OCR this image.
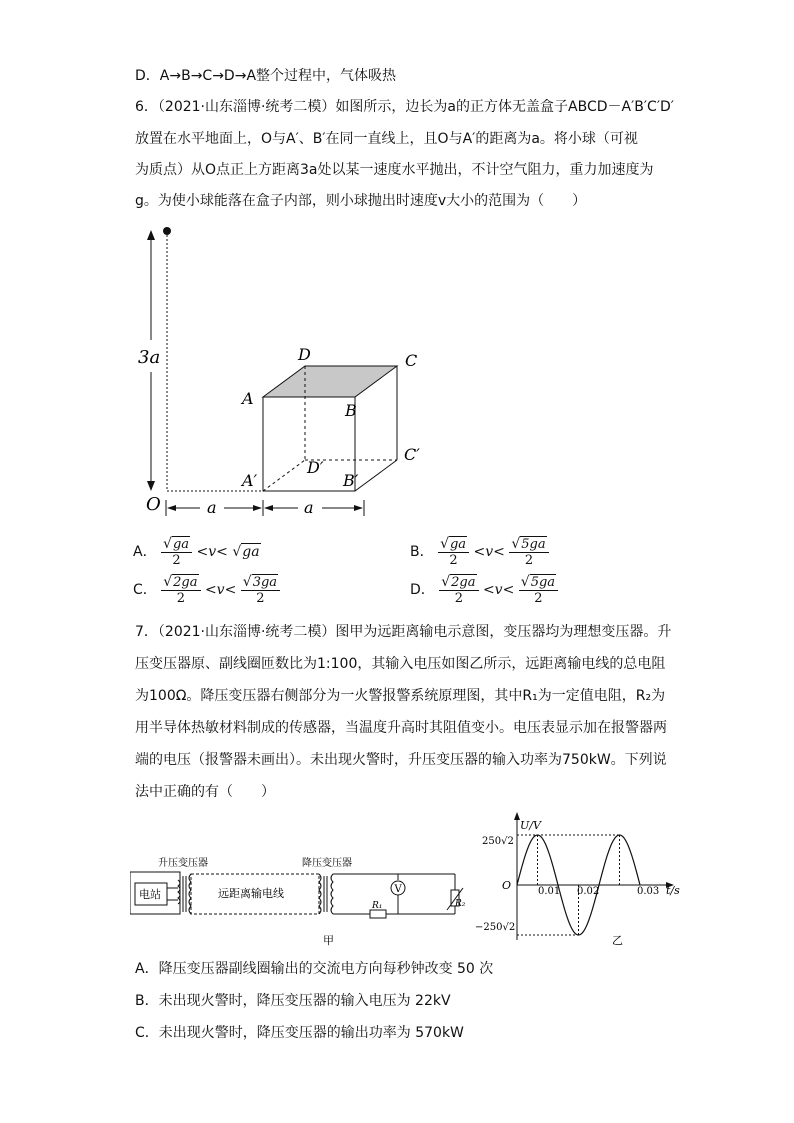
D．A→B→C→D→A整个过程中，气体吸热
6．（2021·山东淄博·统考二模）如图所示，边长为a的正方体无盖盒子ABCD－A′B′C′D′
放置在水平地面上，O与A′、B′在同一直线上，且O与A′的距离为a。将小球（可视
为质点）从O点正上方距离3a处以某一速度水平抛出，不计空气阻力，重力加速度为
g。为使小球能落在盒子内部，则小球抛出时速度v大小的范围为（　　）
3a	D	C
A
B
C′
D′
A′	B′
O	a	a
A． $\frac{√ga}{2} <v< √ga$	B． $\frac{√ga}{2} <v< \frac{√5ga}{2}$
C． $\frac{√2ga}{2} <v< \frac{√3ga}{2}$	D． $\frac{√2ga}{2} <v< \frac{√5ga}{2}$
7．（2021·山东淄博·统考二模）图甲为远距离输电示意图，变压器均为理想变压器。升
压变压器原、副线圈匝数比为1:100，其输入电压如图乙所示，远距离输电线的总电阻
为100Ω。降压变压器右侧部分为一火警报警系统原理图，其中R₁为一定值电阻，R₂为
用半导体热敏材料制成的传感器，当温度升高时其阻值变小。电压表显示加在报警器两
端的电压（报警器未画出）。未出现火警时，升压变压器的输入功率为750kW。下列说
法中正确的有（　　）
升压变压器	降压变压器
电站	远距离输电线
R₁
V
R₂
甲
U/V
t/s
O
250√2
−250√2
0.01 0.02	0.03
乙
A．降压变压器副线圈输出的交流电方向每秒钟改变 50 次
B．未出现火警时，降压变压器的输入电压为 22kV
C．未出现火警时，降压变压器的输出功率为 570kW
